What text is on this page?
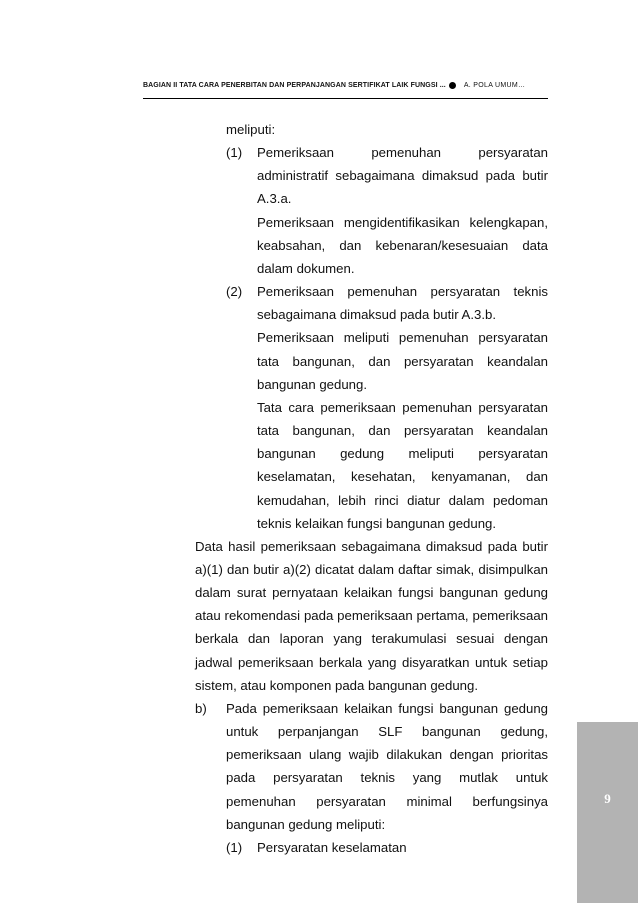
BAGIAN II TATA CARA PENERBITAN DAN PERPANJANGAN SERTIFIKAT LAIK FUNGSI ...	A. POLA UMUM…

meliputi:

(1) Pemeriksaan pemenuhan persyaratan administratif sebagaimana dimaksud pada butir A.3.a.

Pemeriksaan mengidentifikasikan kelengkapan, keabsahan, dan kebenaran/kesesuaian data dalam dokumen.

(2) Pemeriksaan pemenuhan persyaratan teknis sebagaimana dimaksud pada butir A.3.b.

Pemeriksaan meliputi pemenuhan persyaratan tata bangunan, dan persyaratan keandalan bangunan gedung.

Tata cara pemeriksaan pemenuhan persyaratan tata bangunan, dan persyaratan keandalan bangunan gedung meliputi persyaratan keselamatan, kesehatan, kenyamanan, dan kemudahan, lebih rinci diatur dalam pedoman teknis kelaikan fungsi bangunan gedung.

Data hasil pemeriksaan sebagaimana dimaksud pada butir a)(1) dan butir a)(2) dicatat dalam daftar simak, disimpulkan dalam surat pernyataan kelaikan fungsi bangunan gedung atau rekomendasi pada pemeriksaan pertama, pemeriksaan berkala dan laporan yang terakumulasi sesuai dengan jadwal pemeriksaan berkala yang disyaratkan untuk setiap sistem, atau komponen pada bangunan gedung.

b) Pada pemeriksaan kelaikan fungsi bangunan gedung untuk perpanjangan SLF bangunan gedung, pemeriksaan ulang wajib dilakukan dengan prioritas pada persyaratan teknis yang mutlak untuk pemenuhan persyaratan minimal berfungsinya bangunan gedung meliputi:

(1) Persyaratan keselamatan

9
